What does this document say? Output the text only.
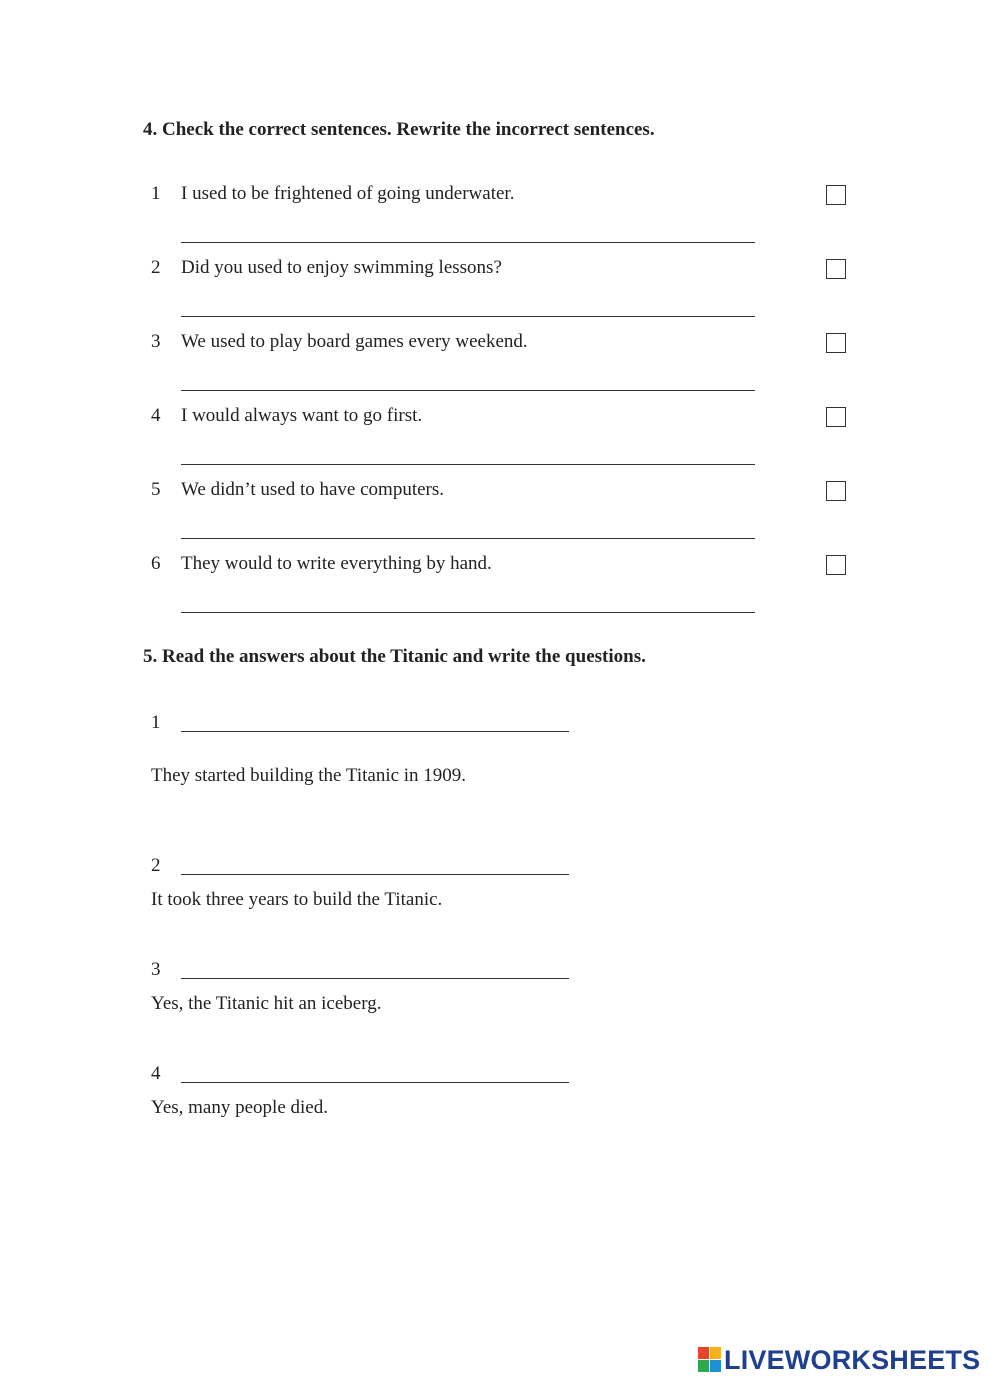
4. Check the correct sentences. Rewrite the incorrect sentences.
1 I used to be frightened of going underwater.
2 Did you used to enjoy swimming lessons?
3 We used to play board games every weekend.
4 I would always want to go first.
5 We didn’t used to have computers.
6 They would to write everything by hand.
5. Read the answers about the Titanic and write the questions.
1
They started building the Titanic in 1909.
2
It took three years to build the Titanic.
3
Yes, the Titanic hit an iceberg.
4
Yes, many people died.
LIVEWORKSHEETS
